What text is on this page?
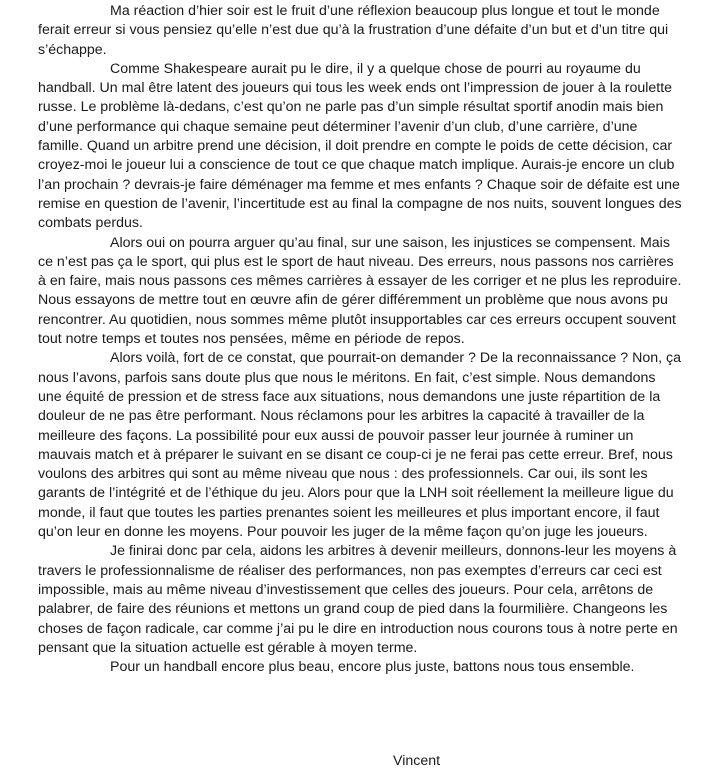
Ma réaction d’hier soir est le fruit d’une réflexion beaucoup plus longue et tout le monde ferait erreur si vous pensiez qu’elle n’est due qu’à la frustration d’une défaite d’un but et d’un titre qui s’échappe.

Comme Shakespeare aurait pu le dire, il y a quelque chose de pourri au royaume du handball. Un mal être latent des joueurs qui tous les week ends ont l’impression de jouer à la roulette russe. Le problème là-dedans, c’est qu’on ne parle pas d’un simple résultat sportif anodin mais bien d’une performance qui chaque semaine peut déterminer l’avenir d’un club, d’une carrière, d’une famille. Quand un arbitre prend une décision, il doit prendre en compte le poids de cette décision, car croyez-moi le joueur lui a conscience de tout ce que chaque match implique. Aurais-je encore un club l’an prochain ? devrais-je faire déménager ma femme et mes enfants ? Chaque soir de défaite est une remise en question de l’avenir, l’incertitude est au final la compagne de nos nuits, souvent longues des combats perdus.

Alors oui on pourra arguer qu’au final, sur une saison, les injustices se compensent. Mais ce n’est pas ça le sport, qui plus est le sport de haut niveau. Des erreurs, nous passons nos carrières à en faire, mais nous passons ces mêmes carrières à essayer de les corriger et ne plus les reproduire. Nous essayons de mettre tout en œuvre afin de gérer différemment un problème que nous avons pu rencontrer. Au quotidien, nous sommes même plutôt insupportables car ces erreurs occupent souvent tout notre temps et toutes nos pensées, même en période de repos.

Alors voilà, fort de ce constat, que pourrait-on demander ? De la reconnaissance ? Non, ça nous l’avons, parfois sans doute plus que nous le méritons. En fait, c’est simple. Nous demandons une équité de pression et de stress face aux situations, nous demandons une juste répartition de la douleur de ne pas être performant. Nous réclamons pour les arbitres la capacité à travailler de la meilleure des façons. La possibilité pour eux aussi de pouvoir passer leur journée à ruminer un mauvais match et à préparer le suivant en se disant ce coup-ci je ne ferai pas cette erreur. Bref, nous voulons des arbitres qui sont au même niveau que nous : des professionnels. Car oui, ils sont les garants de l’intégrité et de l’éthique du jeu. Alors pour que la LNH soit réellement la meilleure ligue du monde, il faut que toutes les parties prenantes soient les meilleures et plus important encore, il faut qu’on leur en donne les moyens. Pour pouvoir les juger de la même façon qu’on juge les joueurs.

Je finirai donc par cela, aidons les arbitres à devenir meilleurs, donnons-leur les moyens à travers le professionnalisme de réaliser des performances, non pas exemptes d’erreurs car ceci est impossible, mais au même niveau d’investissement que celles des joueurs. Pour cela, arrêtons de palabrer, de faire des réunions et mettons un grand coup de pied dans la fourmilière. Changeons les choses de façon radicale, car comme j’ai pu le dire en introduction nous courons tous à notre perte en pensant que la situation actuelle est gérable à moyen terme.

Pour un handball encore plus beau, encore plus juste, battons nous tous ensemble.

Vincent
